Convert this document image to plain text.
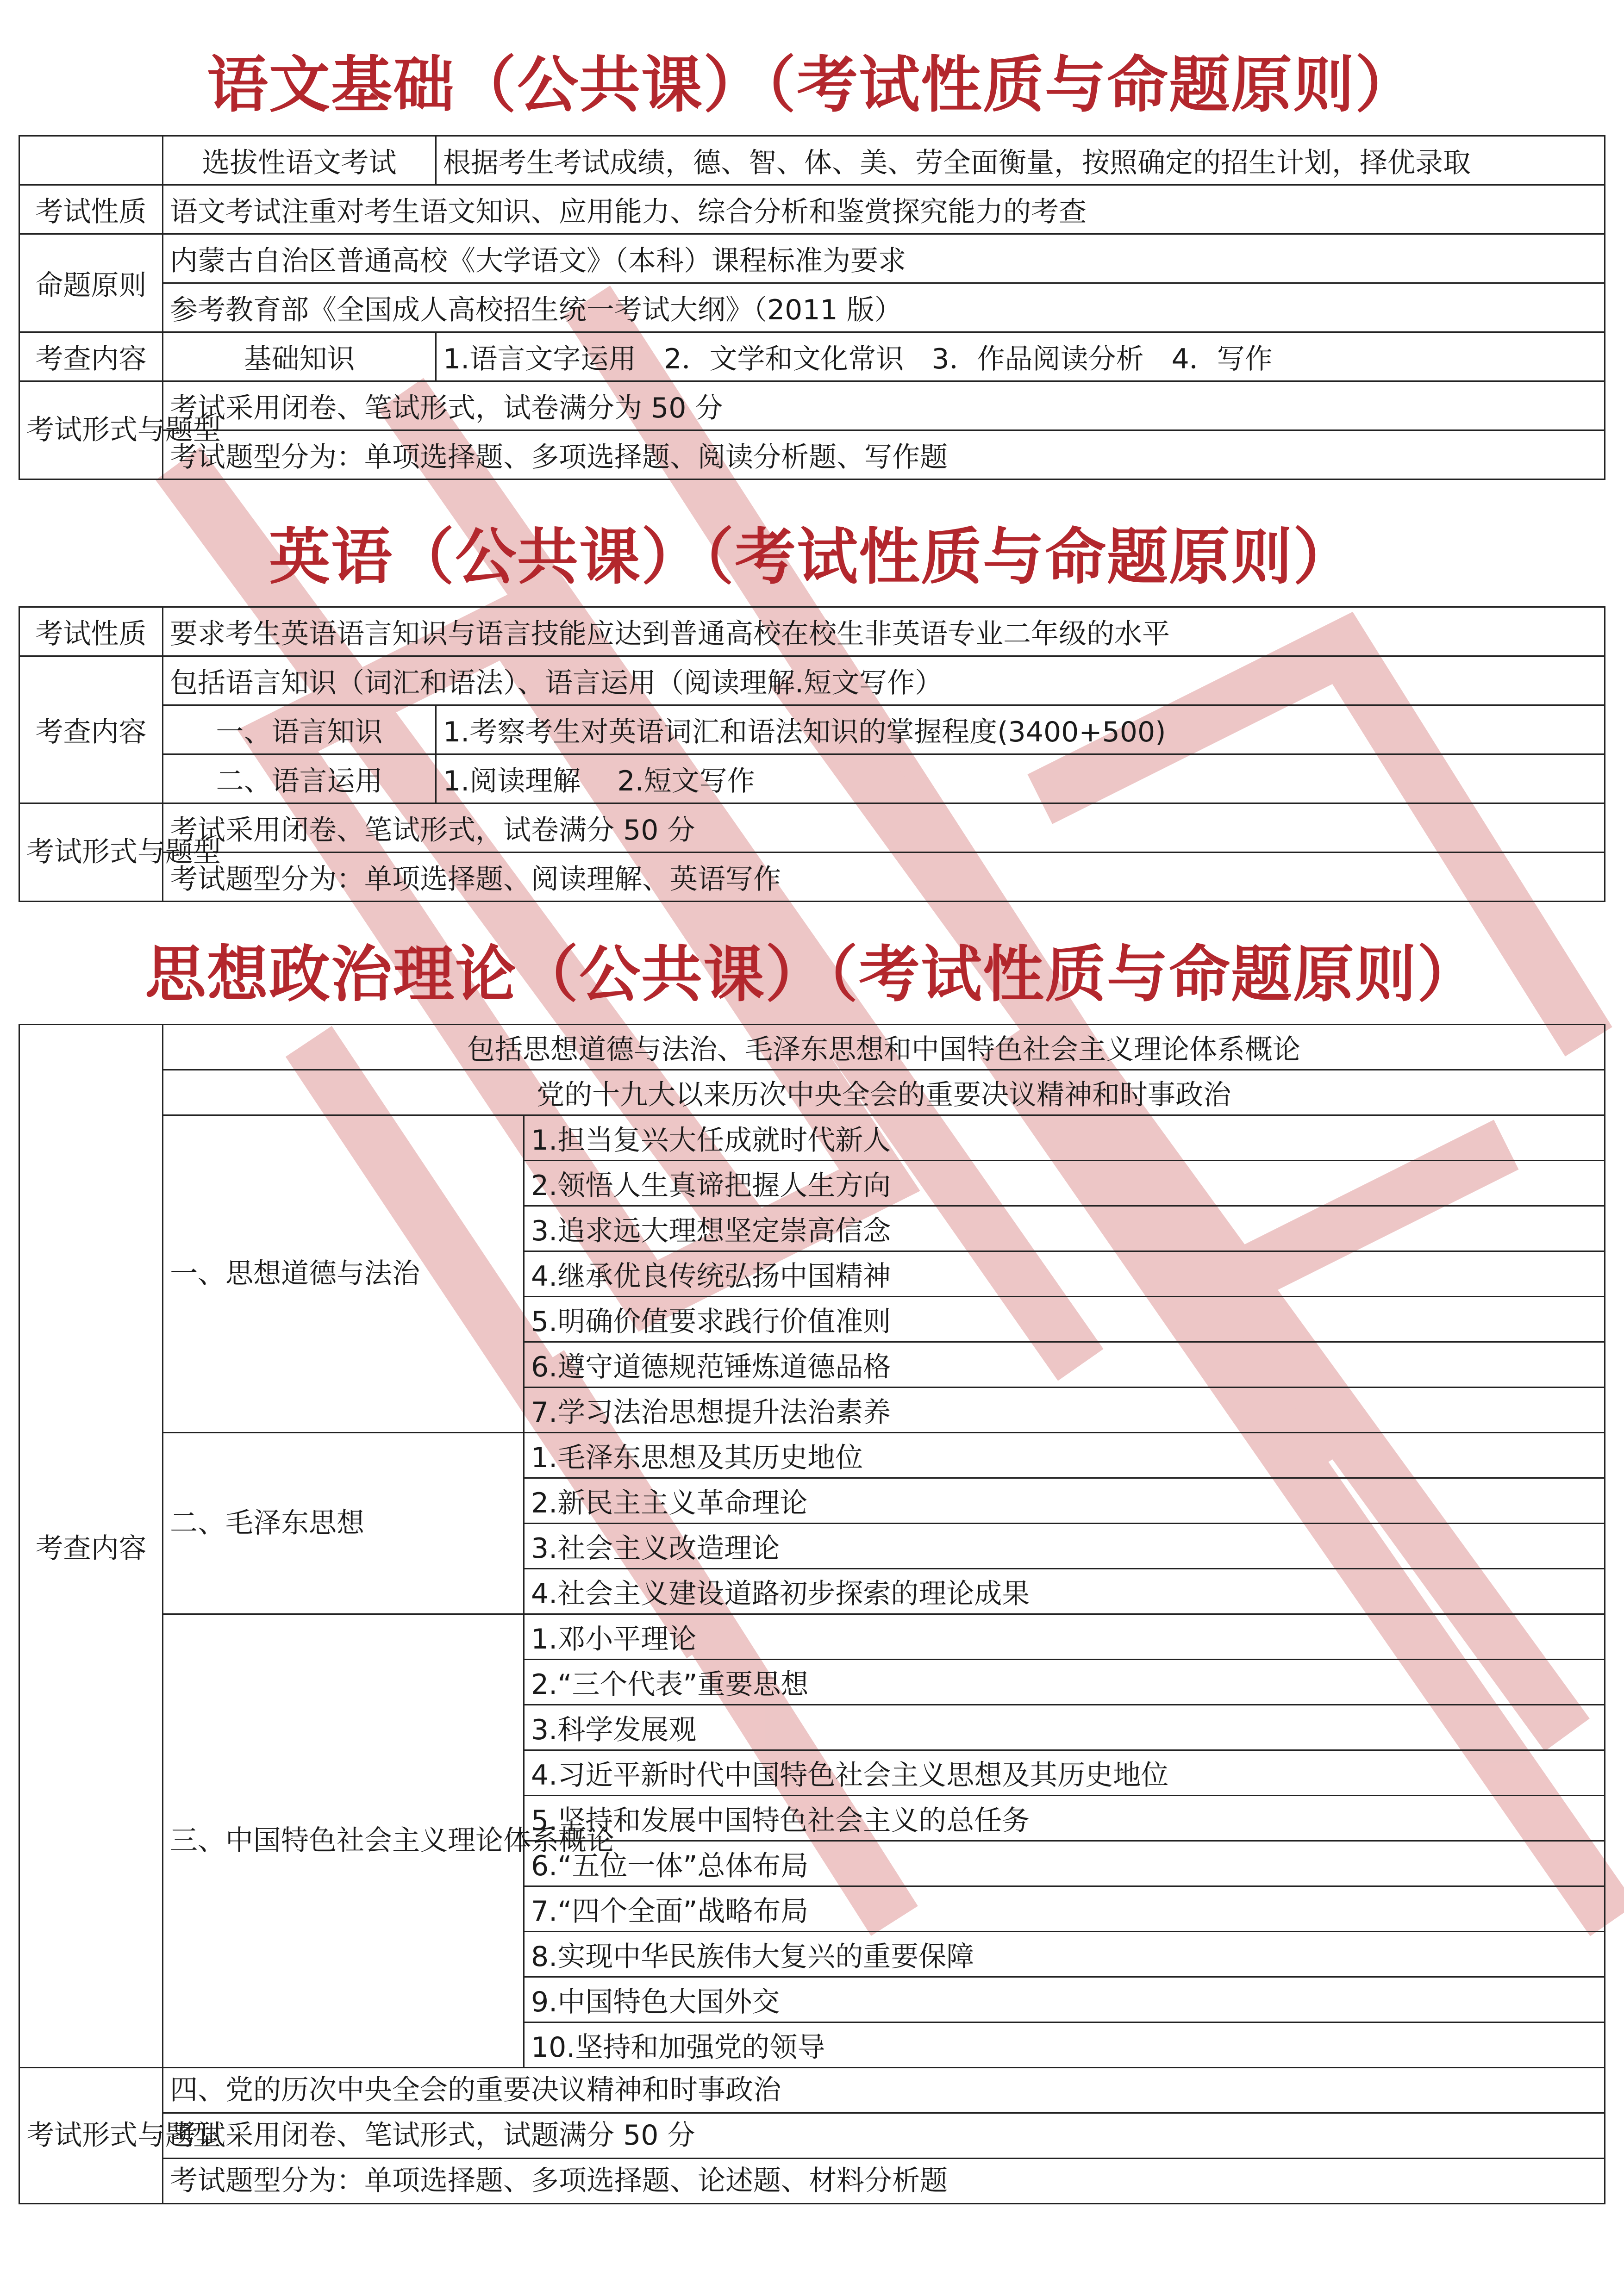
语文基础（公共课）（考试性质与命题原则）
	选拔性语文考试	根据考生考试成绩，德、智、体、美、劳全面衡量，按照确定的招生计划，择优录取
考试性质	语文考试注重对考生语文知识、应用能力、综合分析和鉴赏探究能力的考查	
命题原则	内蒙古自治区普通高校《大学语文》（本科）课程标准为要求	
	参考教育部《全国成人高校招生统一考试大纲》（2011 版）	
考查内容	基础知识	1.语言文字运用　2．文学和文化常识　3．作品阅读分析　4．写作
考试形式与题型	考试采用闭卷、笔试形式，试卷满分为 50 分	
	考试题型分为：单项选择题、多项选择题、阅读分析题、写作题	
英语（公共课）（考试性质与命题原则）
考试性质	要求考生英语语言知识与语言技能应达到普通高校在校生非英语专业二年级的水平	
考查内容	包括语言知识（词汇和语法）、语言运用（阅读理解.短文写作）	
	一、语言知识	1.考察考生对英语词汇和语法知识的掌握程度(3400+500)
	二、语言运用	1.阅读理解　 2.短文写作
考试形式与题型	考试采用闭卷、笔试形式，试卷满分 50 分	
	考试题型分为：单项选择题、阅读理解、英语写作	
思想政治理论（公共课）（考试性质与命题原则）
考查内容	包括思想道德与法治、毛泽东思想和中国特色社会主义理论体系概论	
	党的十九大以来历次中央全会的重要决议精神和时事政治	
	一、思想道德与法治	1.担当复兴大任成就时代新人
		2.领悟人生真谛把握人生方向
		3.追求远大理想坚定崇高信念
		4.继承优良传统弘扬中国精神
		5.明确价值要求践行价值准则
		6.遵守道德规范锤炼道德品格
		7.学习法治思想提升法治素养
	二、毛泽东思想	1.毛泽东思想及其历史地位
		2.新民主主义革命理论
		3.社会主义改造理论
		4.社会主义建设道路初步探索的理论成果
	三、中国特色社会主义理论体系概论	1.邓小平理论
		2.“三个代表”重要思想
		3.科学发展观
		4.习近平新时代中国特色社会主义思想及其历史地位
		5.坚持和发展中国特色社会主义的总任务
		6.“五位一体”总体布局
		7.“四个全面”战略布局
		8.实现中华民族伟大复兴的重要保障
		9.中国特色大国外交
		10.坚持和加强党的领导
考试形式与题型	四、党的历次中央全会的重要决议精神和时事政治	
	考试采用闭卷、笔试形式，试题满分 50 分	
	考试题型分为：单项选择题、多项选择题、论述题、材料分析题	
